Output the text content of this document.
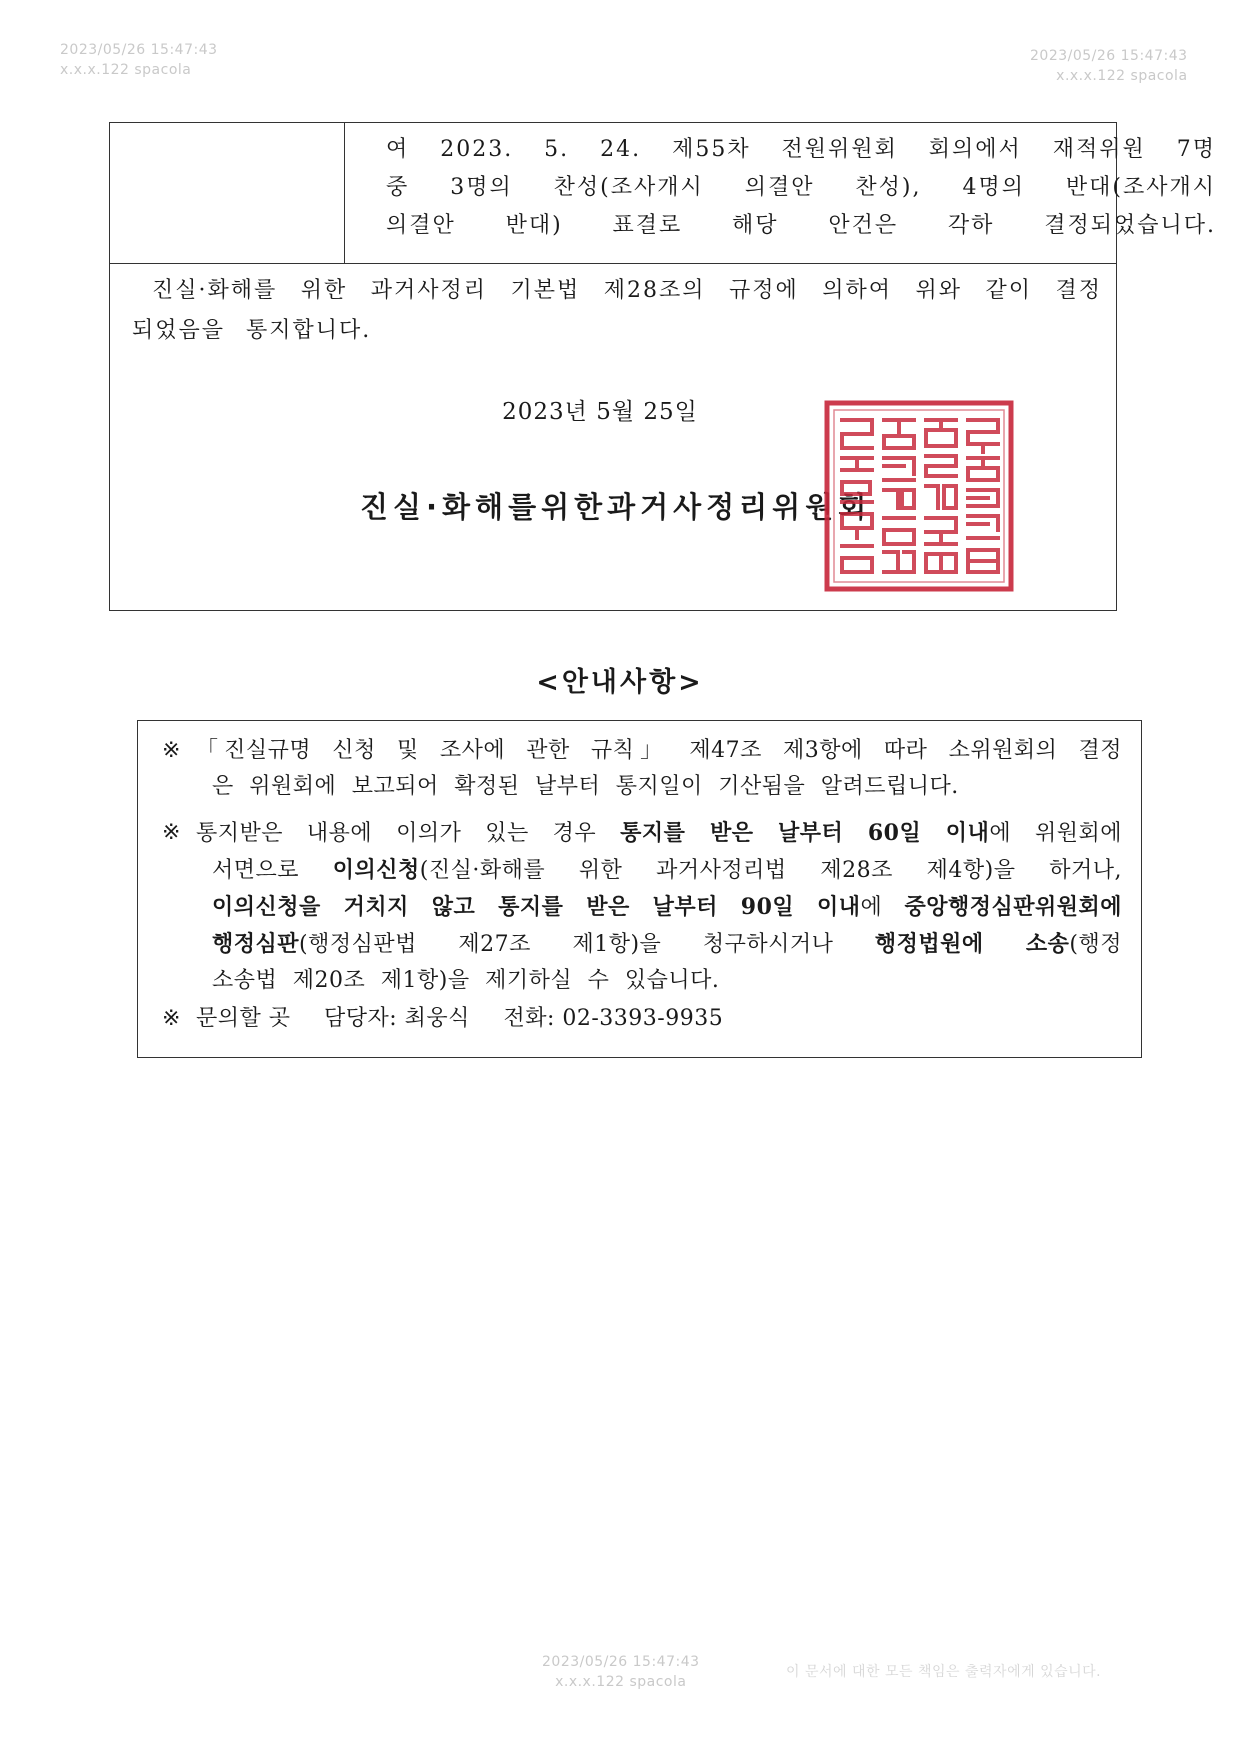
2023/05/26 15:47:43
x.x.x.122 spacola
2023/05/26 15:47:43
x.x.x.122 spacola

여 2023. 5. 24. 제55차 전원위원회 회의에서 재적위원 7명

중 3명의 찬성(조사개시 의결안 찬성), 4명의 반대(조사개시

의결안 반대) 표결로 해당 안건은 각하 결정되었습니다.

진실·화해를 위한 과거사정리 기본법 제28조의 규정에 의하여 위와 같이 결정
되었음을 통지합니다.
2023년 5월 25일
진실·화해를위한과거사정리위원회
<안내사항>
※ 「진실규명 신청 및 조사에 관한 규칙」 제47조 제3항에 따라 소위원회의 결정
은 위원회에 보고되어 확정된 날부터 통지일이 기산됨을 알려드립니다.
※ 통지받은 내용에 이의가 있는 경우 통지를 받은 날부터 60일 이내에 위원회에
서면으로 이의신청(진실·화해를 위한 과거사정리법 제28조 제4항)을 하거나,
이의신청을 거치지 않고 통지를 받은 날부터 90일 이내에 중앙행정심판위원회에
행정심판(행정심판법 제27조 제1항)을 청구하시거나 행정법원에 소송(행정
소송법 제20조 제1항)을 제기하실 수 있습니다.
※ 문의할 곳 담당자: 최웅식 전화: 02-3393-9935
2023/05/26 15:47:43
x.x.x.122 spacola
이 문서에 대한 모든 책임은 출력자에게 있습니다.
